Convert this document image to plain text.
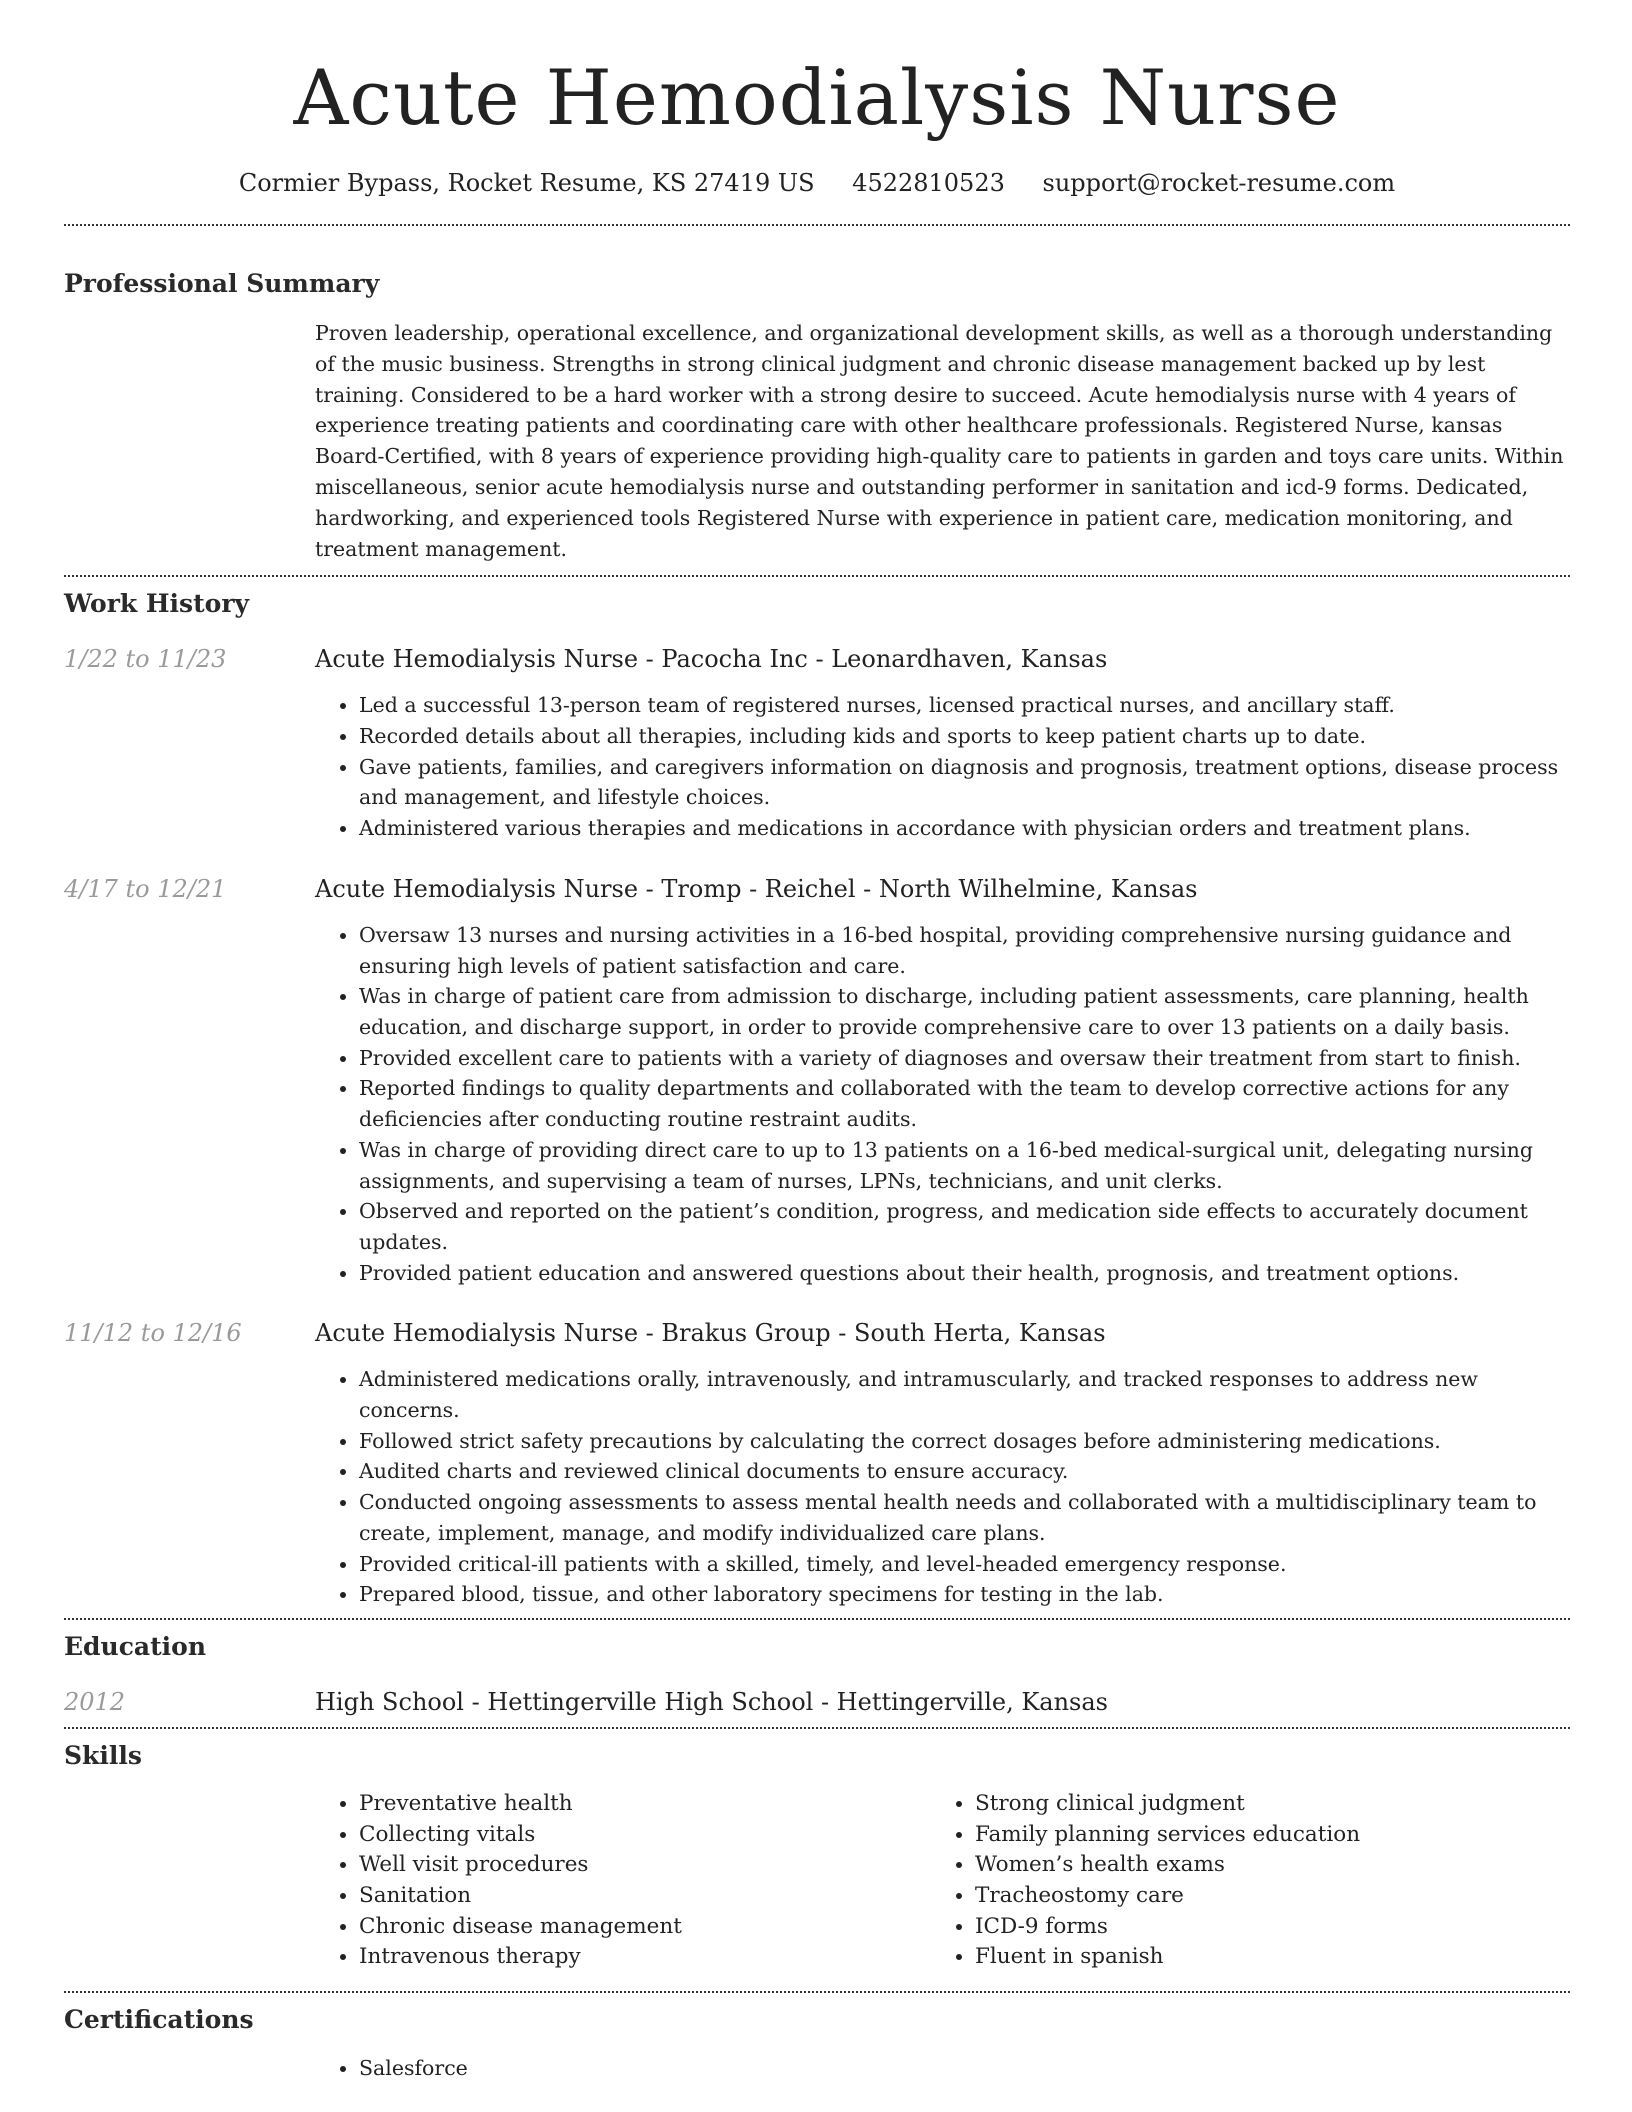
Acute Hemodialysis Nurse
Cormier Bypass, Rocket Resume, KS 27419 US 4522810523 support@rocket-resume.com
Professional Summary

Proven leadership, operational excellence, and organizational development skills, as well as a thorough understanding of the music business. Strengths in strong clinical judgment and chronic disease management backed up by lest training. Considered to be a hard worker with a strong desire to succeed. Acute hemodialysis nurse with 4 years of experience treating patients and coordinating care with other healthcare professionals. Registered Nurse, kansas Board-Certified, with 8 years of experience providing high-quality care to patients in garden and toys care units. Within miscellaneous, senior acute hemodialysis nurse and outstanding performer in sanitation and icd-9 forms. Dedicated, hardworking, and experienced tools Registered Nurse with experience in patient care, medication monitoring, and treatment management.

Work History
1/22 to 11/23	Acute Hemodialysis Nurse - Pacocha Inc - Leonardhaven, Kansas
• Led a successful 13-person team of registered nurses, licensed practical nurses, and ancillary staff.
• Recorded details about all therapies, including kids and sports to keep patient charts up to date.
• Gave patients, families, and caregivers information on diagnosis and prognosis, treatment options, disease process and management, and lifestyle choices.
• Administered various therapies and medications in accordance with physician orders and treatment plans.
4/17 to 12/21	Acute Hemodialysis Nurse - Tromp - Reichel - North Wilhelmine, Kansas
• Oversaw 13 nurses and nursing activities in a 16-bed hospital, providing comprehensive nursing guidance and ensuring high levels of patient satisfaction and care.
• Was in charge of patient care from admission to discharge, including patient assessments, care planning, health education, and discharge support, in order to provide comprehensive care to over 13 patients on a daily basis.
• Provided excellent care to patients with a variety of diagnoses and oversaw their treatment from start to finish.
• Reported findings to quality departments and collaborated with the team to develop corrective actions for any deficiencies after conducting routine restraint audits.
• Was in charge of providing direct care to up to 13 patients on a 16-bed medical-surgical unit, delegating nursing assignments, and supervising a team of nurses, LPNs, technicians, and unit clerks.
• Observed and reported on the patient’s condition, progress, and medication side effects to accurately document updates.
• Provided patient education and answered questions about their health, prognosis, and treatment options.
11/12 to 12/16	Acute Hemodialysis Nurse - Brakus Group - South Herta, Kansas
• Administered medications orally, intravenously, and intramuscularly, and tracked responses to address new concerns.
• Followed strict safety precautions by calculating the correct dosages before administering medications.
• Audited charts and reviewed clinical documents to ensure accuracy.
• Conducted ongoing assessments to assess mental health needs and collaborated with a multidisciplinary team to create, implement, manage, and modify individualized care plans.
• Provided critical-ill patients with a skilled, timely, and level-headed emergency response.
• Prepared blood, tissue, and other laboratory specimens for testing in the lab.
Education
2012	High School - Hettingerville High School - Hettingerville, Kansas
Skills
• Preventative health
• Collecting vitals
• Well visit procedures
• Sanitation
• Chronic disease management
• Intravenous therapy
• Strong clinical judgment
• Family planning services education
• Women’s health exams
• Tracheostomy care
• ICD-9 forms
• Fluent in spanish
Certifications
• Salesforce
